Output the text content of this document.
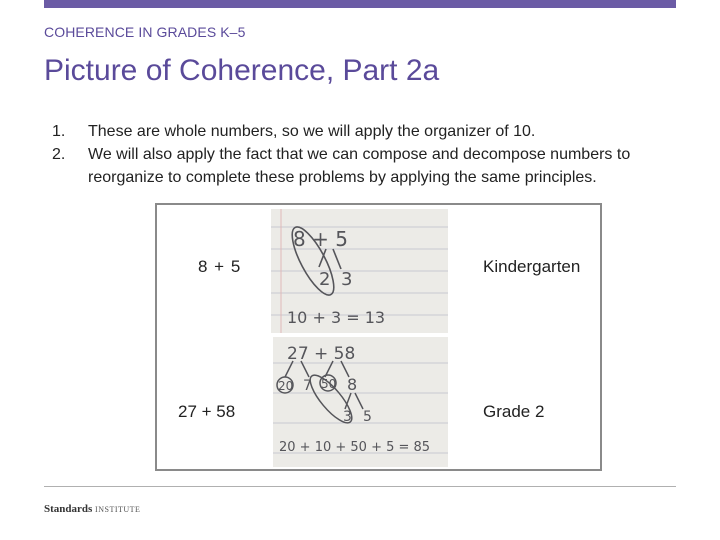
COHERENCE IN GRADES K–5
Picture of Coherence, Part 2a
1.	These are whole numbers, so we will apply the organizer of 10.
2.	We will also apply the fact that we can compose and decompose numbers to reorganize to complete these problems by applying the same principles.
8 + 5
27 + 58
Kindergarten
Grade 2
8 + 5
2 3
10 + 3 = 13
27 + 58
20 7 50 8
3 5
20 + 10 + 50 + 5 = 85
Standards INSTITUTE
